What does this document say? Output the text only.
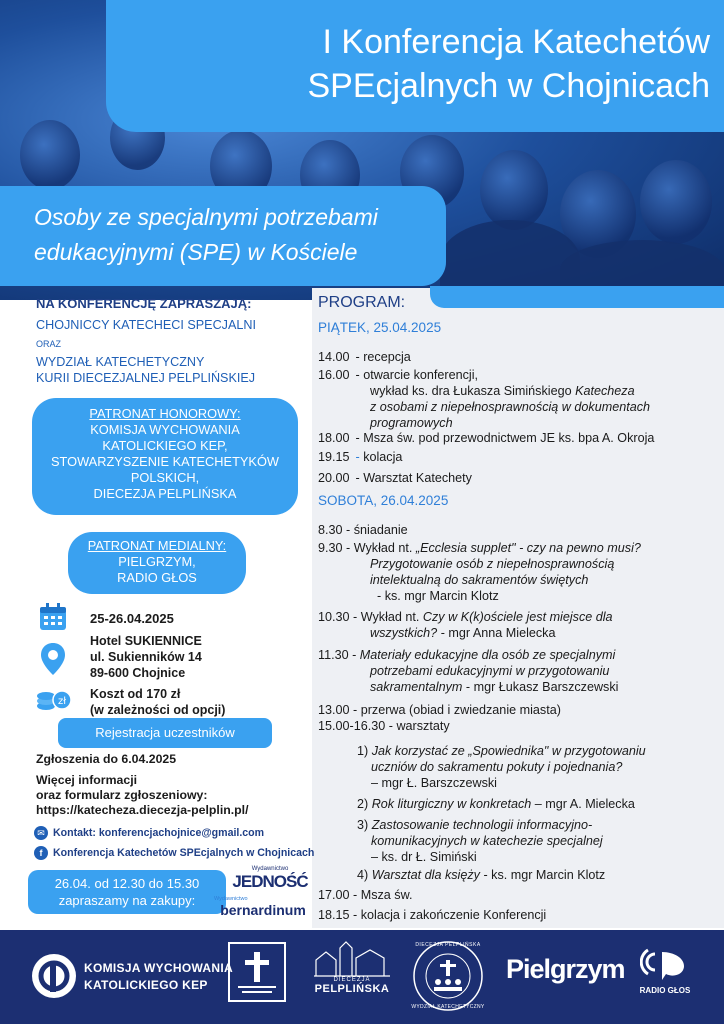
I Konferencja Katechetów
SPEcjalnych w Chojnicach
Osoby ze specjalnymi potrzebami
edukacyjnymi (SPE) w Kościele
PROGRAM:
PIĄTEK, 25.04.2025
14.00 - recepcja
16.00 - otwarcie konferencji,
wykład ks. dra Łukasza Simińskiego Katecheza
z osobami z niepełnosprawnością w dokumentach
programowych
18.00 - Msza św. pod przewodnictwem JE ks. bpa A. Okroja
19.15 - kolacja
20.00 - Warsztat Katechety
SOBOTA, 26.04.2025
8.30 - śniadanie
9.30 - Wykład nt. „Ecclesia supplet" - czy na pewno musi?
Przygotowanie osób z niepełnosprawnością
intelektualną do sakramentów świętych
- ks. mgr Marcin Klotz
10.30 - Wykład nt. Czy w K(k)ościele jest miejsce dla
wszystkich? - mgr Anna Mielecka
11.30 - Materiały edukacyjne dla osób ze specjalnymi
potrzebami edukacyjnymi w przygotowaniu
sakramentalnym - mgr Łukasz Barszczewski
13.00 - przerwa (obiad i zwiedzanie miasta)
15.00-16.30 - warsztaty
1) Jak korzystać ze „Spowiednika" w przygotowaniu
uczniów do sakramentu pokuty i pojednania?
– mgr Ł. Barszczewski
2) Rok liturgiczny w konkretach – mgr A. Mielecka
3) Zastosowanie technologii informacyjno-
komunikacyjnych w katechezie specjalnej
– ks. dr Ł. Simiński
4) Warsztat dla księży - ks. mgr Marcin Klotz
17.00 - Msza św.
18.15 - kolacja i zakończenie Konferencji
NA KONFERENCJĘ ZAPRASZAJĄ:
CHOJNICCY KATECHECI SPECJALNI
ORAZ
WYDZIAŁ KATECHETYCZNY
KURII DIECEZJALNEJ PELPLIŃSKIEJ
PATRONAT HONOROWY:
KOMISJA WYCHOWANIA
KATOLICKIEGO KEP,
STOWARZYSZENIE KATECHETYKÓW
POLSKICH,
DIECEZJA PELPLIŃSKA
PATRONAT MEDIALNY:
PIELGRZYM,
RADIO GŁOS
25-26.04.2025
Hotel SUKIENNICE
ul. Sukienników 14
89-600 Chojnice
zł
Koszt od 170 zł
(w zależności od opcji)
Rejestracja uczestników
Zgłoszenia do 6.04.2025
Więcej informacji
oraz formularz zgłoszeniowy:
https://katecheza.diecezja-pelplin.pl/
✉ Kontakt: konferencjachojnice@gmail.com
f Konferencja Katechetów SPEcjalnych w Chojnicach
26.04. od 12.30 do 15.30
zapraszamy na zakupy:
Wydawnictwo
JEDNOŚĆ
Wydawnictwo
bernardinum
KOMISJA WYCHOWANIA
KATOLICKIEGO KEP	DIECEZJA
PELPLIŃSKA
DIECEZJA PELPLIŃSKA
WYDZIAŁ KATECHETYCZNY
Pielgrzym
RADIO GŁOS
